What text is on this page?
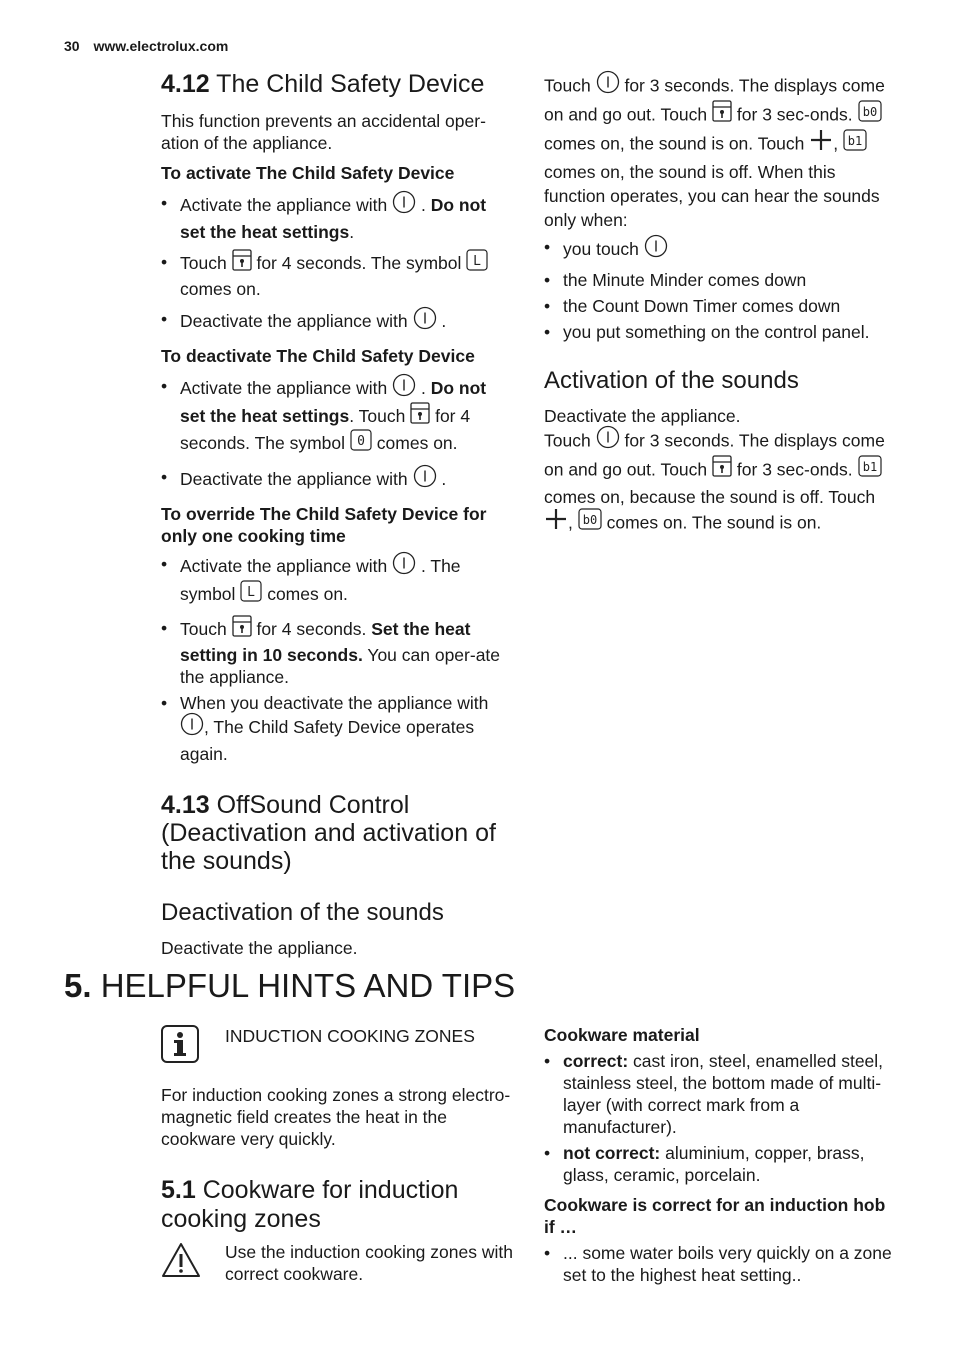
30 www.electrolux.com
4.12 The Child Safety Device

This function prevents an accidental oper-ation of the appliance.

To activate The Child Safety Device

• Activate the appliance with . Do not set the heat settings.
• Touch for 4 seconds. The symbol L
comes on.
• Deactivate the appliance with .

To deactivate The Child Safety Device

• Activate the appliance with . Do not set the heat settings. Touch for 4 seconds. The symbol 0 comes on.
• Deactivate the appliance with .

To override The Child Safety Device for only one cooking time

• Activate the appliance with . The symbol L comes on.
• Touch for 4 seconds. Set the heat setting in 10 seconds. You can oper-ate the appliance.
• When you deactivate the appliance with , The Child Safety Device operates again.
4.13 OffSound Control (Deactivation and activation of the sounds)
Deactivation of the sounds

Deactivate the appliance.

Touch for 3 seconds. The displays come on and go out. Touch for 3 sec-onds. b0
comes on, the sound is on. Touch , b1
comes on, the sound is off. When this function operates, you can hear the sounds only when:

• you touch
• the Minute Minder comes down
• the Count Down Timer comes down
• you put something on the control panel.
Activation of the sounds

Deactivate the appliance.

Touch for 3 seconds. The displays come on and go out. Touch for 3 sec-onds. b1
comes on, because the sound is off. Touch , b0 comes on. The sound is on.

5. HELPFUL HINTS AND TIPS
INDUCTION COOKING ZONES

For induction cooking zones a strong electro-magnetic field creates the heat in the cookware very quickly.

5.1 Cookware for induction cooking zones
Use the induction cooking zones with correct cookware.

Cookware material

• correct: cast iron, steel, enamelled steel, stainless steel, the bottom made of multi-layer (with correct mark from a manufacturer).
• not correct: aluminium, copper, brass, glass, ceramic, porcelain.

Cookware is correct for an induction hob if …

• ... some water boils very quickly on a zone set to the highest heat setting..
